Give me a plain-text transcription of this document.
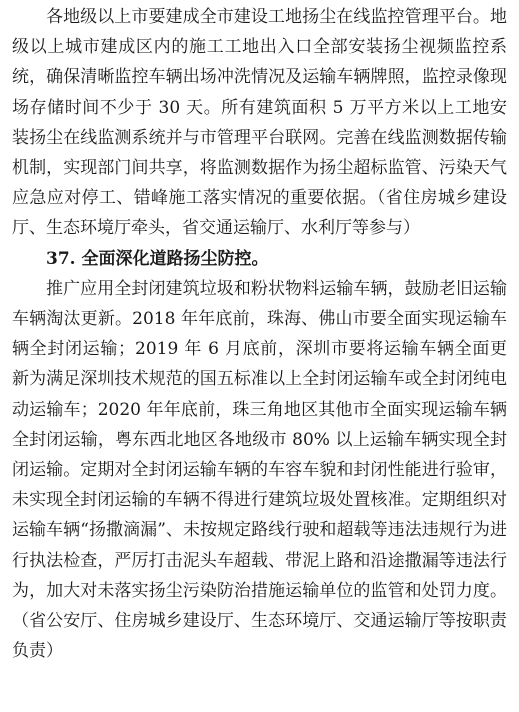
各地级以上市要建成全市建设工地扬尘在线监控管理平台。地级以上城市建成区内的施工工地出入口全部安装扬尘视频监控系统，确保清晰监控车辆出场冲洗情况及运输车辆牌照，监控录像现场存储时间不少于 30 天。所有建筑面积 5 万平方米以上工地安装扬尘在线监测系统并与市管理平台联网。完善在线监测数据传输机制，实现部门间共享，将监测数据作为扬尘超标监管、污染天气应急应对停工、错峰施工落实情况的重要依据。（省住房城乡建设厅、生态环境厅牵头，省交通运输厅、水利厅等参与）

37. 全面深化道路扬尘防控。

推广应用全封闭建筑垃圾和粉状物料运输车辆，鼓励老旧运输车辆淘汰更新。2018 年年底前，珠海、佛山市要全面实现运输车辆全封闭运输；2019 年 6 月底前，深圳市要将运输车辆全面更新为满足深圳技术规范的国五标准以上全封闭运输车或全封闭纯电动运输车；2020 年年底前，珠三角地区其他市全面实现运输车辆全封闭运输，粤东西北地区各地级市 80% 以上运输车辆实现全封闭运输。定期对全封闭运输车辆的车容车貌和封闭性能进行验审，未实现全封闭运输的车辆不得进行建筑垃圾处置核准。定期组织对运输车辆“扬撒滴漏”、未按规定路线行驶和超载等违法违规行为进行执法检查，严厉打击泥头车超载、带泥上路和沿途撒漏等违法行为，加大对未落实扬尘污染防治措施运输单位的监管和处罚力度。（省公安厅、住房城乡建设厅、生态环境厅、交通运输厅等按职责负责）
